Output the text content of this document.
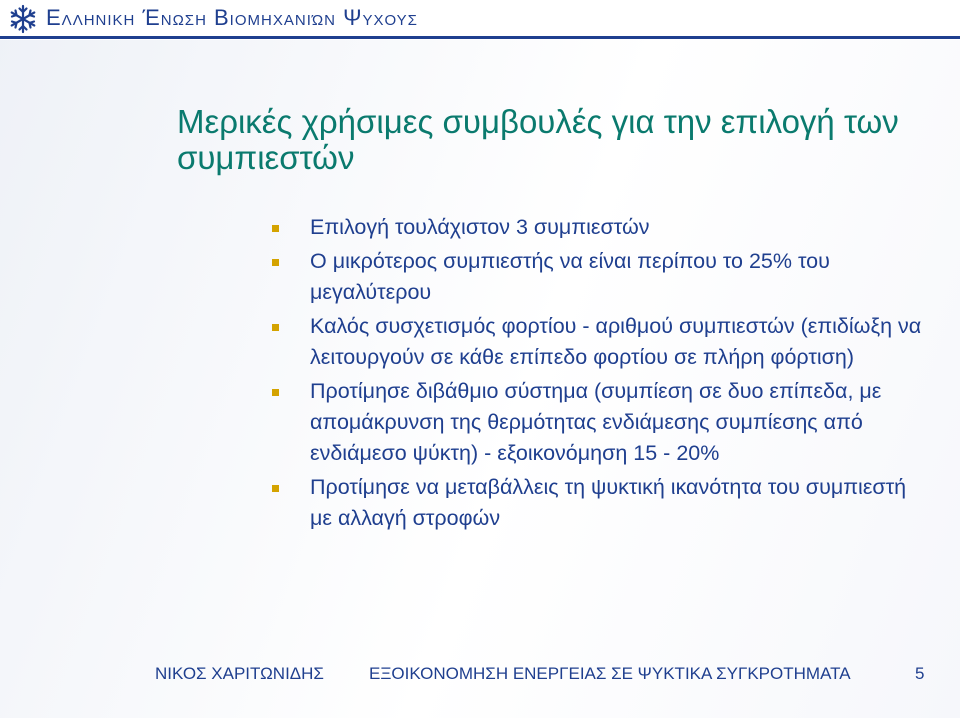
Ελληνικη Ένωση Βιομηχανιών Ψυχους
Μερικές χρήσιμες συμβουλές για την επιλογή των συμπιεστών
Επιλογή τουλάχιστον 3 συμπιεστών
Ο μικρότερος συμπιεστής να είναι περίπου το 25% του μεγαλύτερου
Καλός συσχετισμός φορτίου - αριθμού συμπιεστών (επιδίωξη να λειτουργούν σε κάθε επίπεδο φορτίου σε πλήρη φόρτιση)
Προτίμησε διβάθμιο σύστημα (συμπίεση σε δυο επίπεδα, με απομάκρυνση της θερμότητας ενδιάμεσης συμπίεσης από ενδιάμεσο ψύκτη) - εξοικονόμηση 15 - 20%
Προτίμησε να μεταβάλλεις τη ψυκτική ικανότητα του συμπιεστή με αλλαγή στροφών
ΝΙΚΟΣ ΧΑΡΙΤΩΝΙΔΗΣ	ΕΞΟΙΚΟΝΟΜΗΣΗ ΕΝΕΡΓΕΙΑΣ ΣΕ ΨΥΚΤΙΚΑ ΣΥΓΚΡΟΤΗΜΑΤΑ	5
